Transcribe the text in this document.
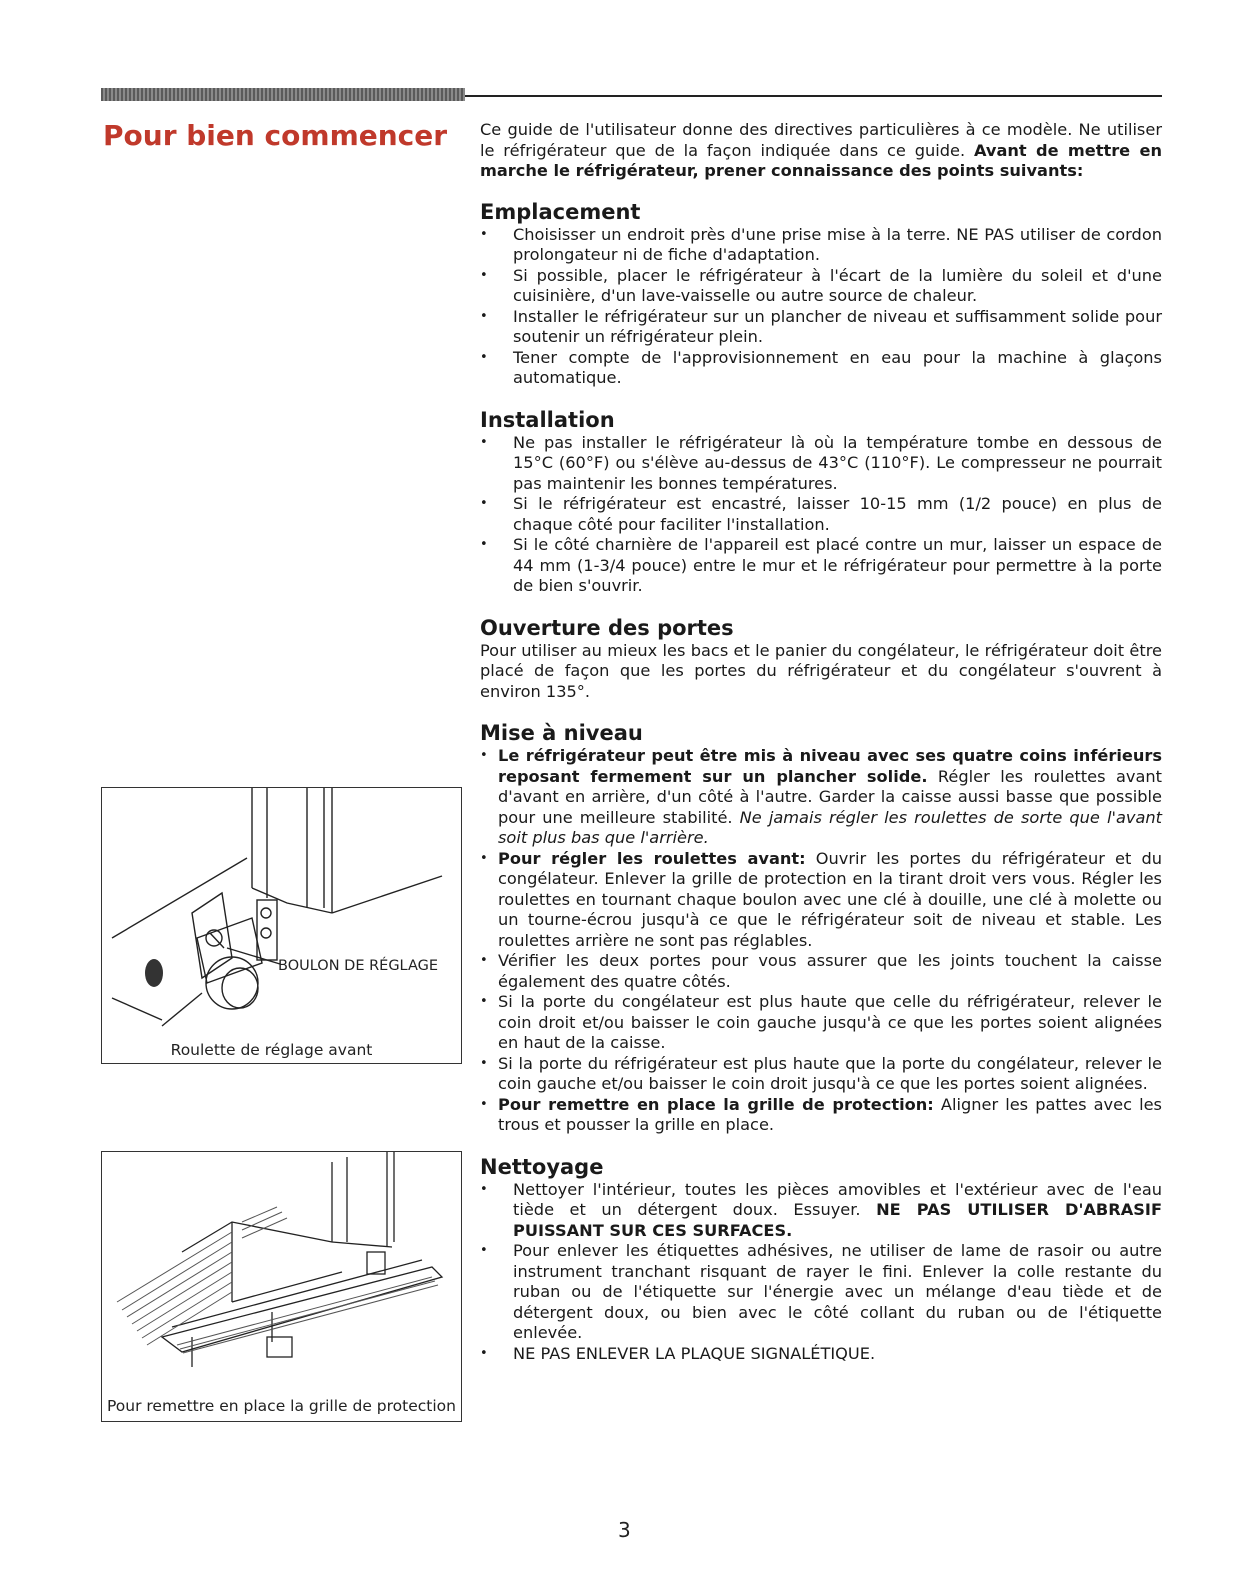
Pour bien commencer	Ce guide de l'utilisateur donne des directives particulières à ce modèle. Ne utiliser le réfrigérateur que de la façon indiquée dans ce guide. Avant de mettre en marche le réfrigérateur, prener connaissance des points suivants:

Emplacement
• Choisisser un endroit près d'une prise mise à la terre. NE PAS utiliser de cordon prolongateur ni de fiche d'adaptation.
• Si possible, placer le réfrigérateur à l'écart de la lumière du soleil et d'une cuisinière, d'un lave-vaisselle ou autre source de chaleur.
• Installer le réfrigérateur sur un plancher de niveau et suffisamment solide pour soutenir un réfrigérateur plein.
• Tener compte de l'approvisionnement en eau pour la machine à glaçons automatique.
Installation
• Ne pas installer le réfrigérateur là où la température tombe en dessous de 15°C (60°F) ou s'élève au-dessus de 43°C (110°F). Le compresseur ne pourrait pas maintenir les bonnes températures.
• Si le réfrigérateur est encastré, laisser 10-15 mm (1/2 pouce) en plus de chaque côté pour faciliter l'installation.
• Si le côté charnière de l'appareil est placé contre un mur, laisser un espace de 44 mm (1-3/4 pouce) entre le mur et le réfrigérateur pour permettre à la porte de bien s'ouvrir.
Ouverture des portes

Pour utiliser au mieux les bacs et le panier du congélateur, le réfrigérateur doit être placé de façon que les portes du réfrigérateur et du congélateur s'ouvrent à environ 135°.

Mise à niveau
• Le réfrigérateur peut être mis à niveau avec ses quatre coins inférieurs reposant fermement sur un plancher solide. Régler les roulettes avant d'avant en arrière, d'un côté à l'autre. Garder la caisse aussi basse que possible pour une meilleure stabilité. Ne jamais régler les roulettes de sorte que l'avant soit plus bas que l'arrière.
• Pour régler les roulettes avant: Ouvrir les portes du réfrigérateur et du congélateur. Enlever la grille de protection en la tirant droit vers vous. Régler les roulettes en tournant chaque boulon avec une clé à douille, une clé à molette ou un tourne-écrou jusqu'à ce que le réfrigérateur soit de niveau et stable. Les roulettes arrière ne sont pas réglables.
• Vérifier les deux portes pour vous assurer que les joints touchent la caisse également des quatre côtés.
• Si la porte du congélateur est plus haute que celle du réfrigérateur, relever le coin droit et/ou baisser le coin gauche jusqu'à ce que les portes soient alignées en haut de la caisse.
• Si la porte du réfrigérateur est plus haute que la porte du congélateur, relever le coin gauche et/ou baisser le coin droit jusqu'à ce que les portes soient alignées.
• Pour remettre en place la grille de protection: Aligner les pattes avec les trous et pousser la grille en place.
Nettoyage
• Nettoyer l'intérieur, toutes les pièces amovibles et l'extérieur avec de l'eau tiède et un détergent doux. Essuyer. NE PAS UTILISER D'ABRASIF PUISSANT SUR CES SURFACES.
• Pour enlever les étiquettes adhésives, ne utiliser de lame de rasoir ou autre instrument tranchant risquant de rayer le fini. Enlever la colle restante du ruban ou de l'étiquette sur l'énergie avec un mélange d'eau tiède et de détergent doux, ou bien avec le côté collant du ruban ou de l'étiquette enlevée.
• NE PAS ENLEVER LA PLAQUE SIGNALÉTIQUE.
BOULON DE RÉGLAGE
Roulette de réglage avant
Pour remettre en place la grille de protection
3
